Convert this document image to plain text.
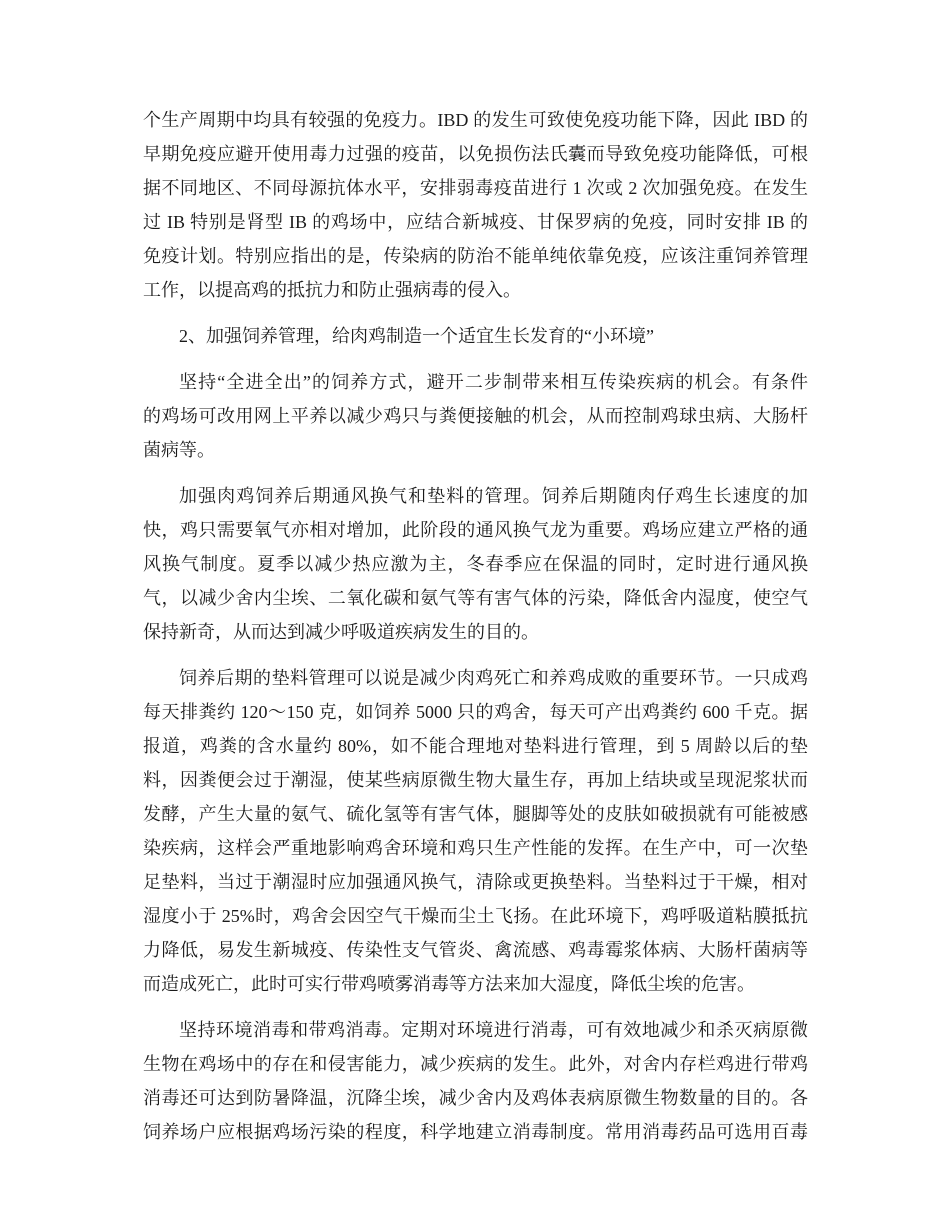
个生产周期中均具有较强的免疫力。IBD 的发生可致使免疫功能下降，因此 IBD 的
早期免疫应避开使用毒力过强的疫苗，以免损伤法氏囊而导致免疫功能降低，可根
据不同地区、不同母源抗体水平，安排弱毒疫苗进行 1 次或 2 次加强免疫。在发生
过 IB 特别是肾型 IB 的鸡场中，应结合新城疫、甘保罗病的免疫，同时安排 IB 的
免疫计划。特别应指出的是，传染病的防治不能单纯依靠免疫，应该注重饲养管理
工作，以提高鸡的抵抗力和防止强病毒的侵入。
2、加强饲养管理，给肉鸡制造一个适宜生长发育的“小环境”
坚持“全进全出”的饲养方式，避开二步制带来相互传染疾病的机会。有条件
的鸡场可改用网上平养以减少鸡只与粪便接触的机会，从而控制鸡球虫病、大肠杆
菌病等。
加强肉鸡饲养后期通风换气和垫料的管理。饲养后期随肉仔鸡生长速度的加
快，鸡只需要氧气亦相对增加，此阶段的通风换气龙为重要。鸡场应建立严格的通
风换气制度。夏季以减少热应激为主，冬春季应在保温的同时，定时进行通风换
气，以减少舍内尘埃、二氧化碳和氨气等有害气体的污染，降低舍内湿度，使空气
保持新奇，从而达到减少呼吸道疾病发生的目的。
饲养后期的垫料管理可以说是减少肉鸡死亡和养鸡成败的重要环节。一只成鸡
每天排粪约 120～150 克，如饲养 5000 只的鸡舍，每天可产出鸡粪约 600 千克。据
报道，鸡粪的含水量约 80%，如不能合理地对垫料进行管理，到 5 周龄以后的垫
料，因粪便会过于潮湿，使某些病原微生物大量生存，再加上结块或呈现泥浆状而
发酵，产生大量的氨气、硫化氢等有害气体，腿脚等处的皮肤如破损就有可能被感
染疾病，这样会严重地影响鸡舍环境和鸡只生产性能的发挥。在生产中，可一次垫
足垫料，当过于潮湿时应加强通风换气，清除或更换垫料。当垫料过于干燥，相对
湿度小于 25%时，鸡舍会因空气干燥而尘土飞扬。在此环境下，鸡呼吸道粘膜抵抗
力降低，易发生新城疫、传染性支气管炎、禽流感、鸡毒霉浆体病、大肠杆菌病等
而造成死亡，此时可实行带鸡喷雾消毒等方法来加大湿度，降低尘埃的危害。
坚持环境消毒和带鸡消毒。定期对环境进行消毒，可有效地减少和杀灭病原微
生物在鸡场中的存在和侵害能力，减少疾病的发生。此外，对舍内存栏鸡进行带鸡
消毒还可达到防暑降温，沉降尘埃，减少舍内及鸡体表病原微生物数量的目的。各
饲养场户应根据鸡场污染的程度，科学地建立消毒制度。常用消毒药品可选用百毒
